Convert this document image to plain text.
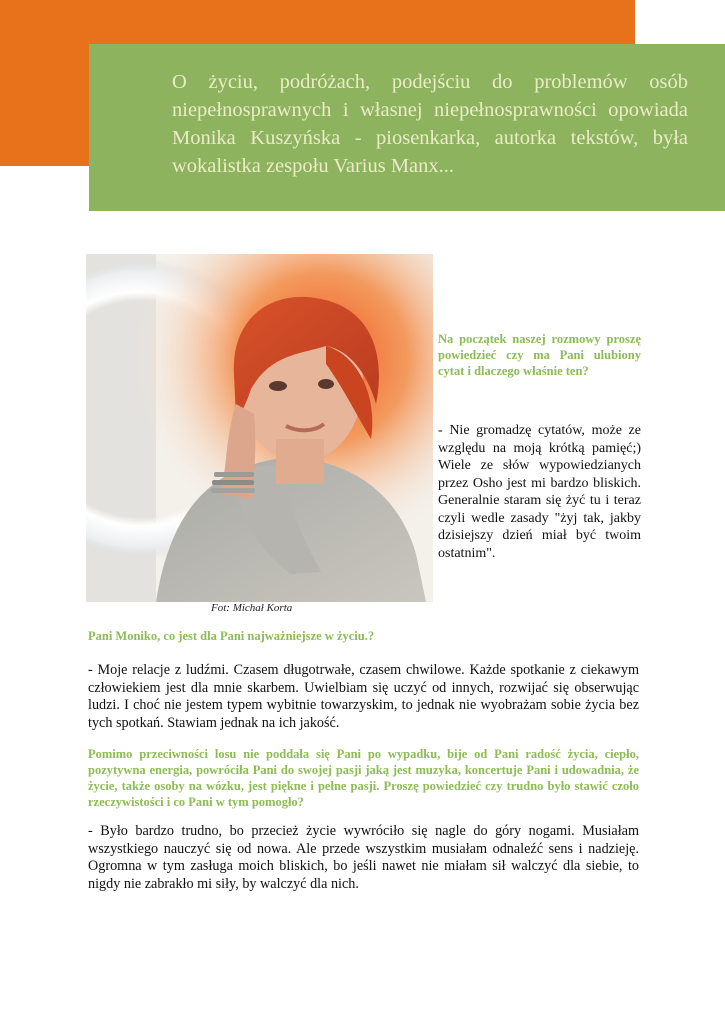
O życiu, podróżach, podejściu do problemów osób niepełnosprawnych i własnej niepełnosprawności opowiada Monika Kuszyńska - piosenkarka, autorka tekstów, była wokalistka zespołu Varius Manx...

Fot: Michał Korta

Na początek naszej rozmowy proszę powiedzieć czy ma Pani ulubiony cytat i dlaczego właśnie ten?

- Nie gromadzę cytatów, może ze względu na moją krótką pamięć;) Wiele ze słów wypowiedzianych przez Osho jest mi bardzo bliskich. Generalnie staram się żyć tu i teraz czyli wedle zasady "żyj tak, jakby dzisiejszy dzień miał być twoim ostatnim".

Pani Moniko, co jest dla Pani najważniejsze w życiu.?

- Moje relacje z ludźmi. Czasem długotrwałe, czasem chwilowe. Każde spotkanie z ciekawym człowiekiem jest dla mnie skarbem. Uwielbiam się uczyć od innych, rozwijać się obserwując ludzi. I choć nie jestem typem wybitnie towarzyskim, to jednak nie wyobrażam sobie życia bez tych spotkań. Stawiam jednak na ich jakość.

Pomimo przeciwności losu nie poddała się Pani po wypadku, bije od Pani radość życia, ciepło, pozytywna energia, powróciła Pani do swojej pasji jaką jest muzyka, koncertuje Pani i udowadnia, że życie, także osoby na wózku, jest piękne i pełne pasji. Proszę powiedzieć czy trudno było stawić czoło rzeczywistości i co Pani w tym pomogło?

- Było bardzo trudno, bo przecież życie wywróciło się nagle do góry nogami. Musiałam wszystkiego nauczyć się od nowa. Ale przede wszystkim musiałam odnaleźć sens i nadzieję. Ogromna w tym zasługa moich bliskich, bo jeśli nawet nie miałam sił walczyć dla siebie, to nigdy nie zabrakło mi siły, by walczyć dla nich.
